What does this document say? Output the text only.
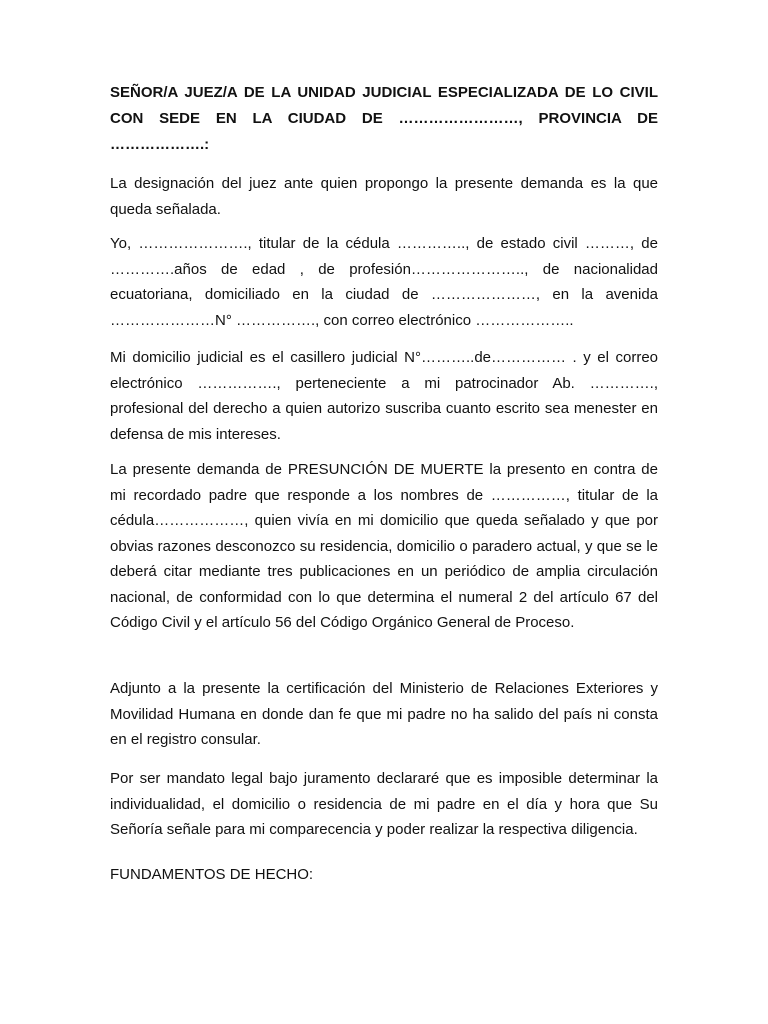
SEÑOR/A JUEZ/A DE LA UNIDAD JUDICIAL ESPECIALIZADA DE LO CIVIL CON SEDE EN LA CIUDAD DE ……………………, PROVINCIA DE ……………….:

La designación del juez ante quien propongo la presente demanda es la que queda señalada.

Yo, …………………., titular de la cédula ………….., de estado civil ………, de ………….años de edad , de profesión………………….., de nacionalidad ecuatoriana, domiciliado en la ciudad de …………………, en la avenida …………………N° ……………., con correo electrónico ………………..

Mi domicilio judicial es el casillero judicial N°………..de…………… . y el correo electrónico ……………., perteneciente a mi patrocinador Ab. …………., profesional del derecho a quien autorizo suscriba cuanto escrito sea menester en defensa de mis intereses.

La presente demanda de PRESUNCIÓN DE MUERTE la presento en contra de mi recordado padre que responde a los nombres de ……………, titular de la cédula………………, quien vivía en mi domicilio que queda señalado y que por obvias razones desconozco su residencia, domicilio o paradero actual, y que se le deberá citar mediante tres publicaciones en un periódico de amplia circulación nacional, de conformidad con lo que determina el numeral 2 del artículo 67 del Código Civil y el artículo 56 del Código Orgánico General de Proceso.

Adjunto a la presente la certificación del Ministerio de Relaciones Exteriores y Movilidad Humana en donde dan fe que mi padre no ha salido del país ni consta en el registro consular.

Por ser mandato legal bajo juramento declararé que es imposible determinar la individualidad, el domicilio o residencia de mi padre en el día y hora que Su Señoría señale para mi comparecencia y poder realizar la respectiva diligencia.

FUNDAMENTOS DE HECHO:
